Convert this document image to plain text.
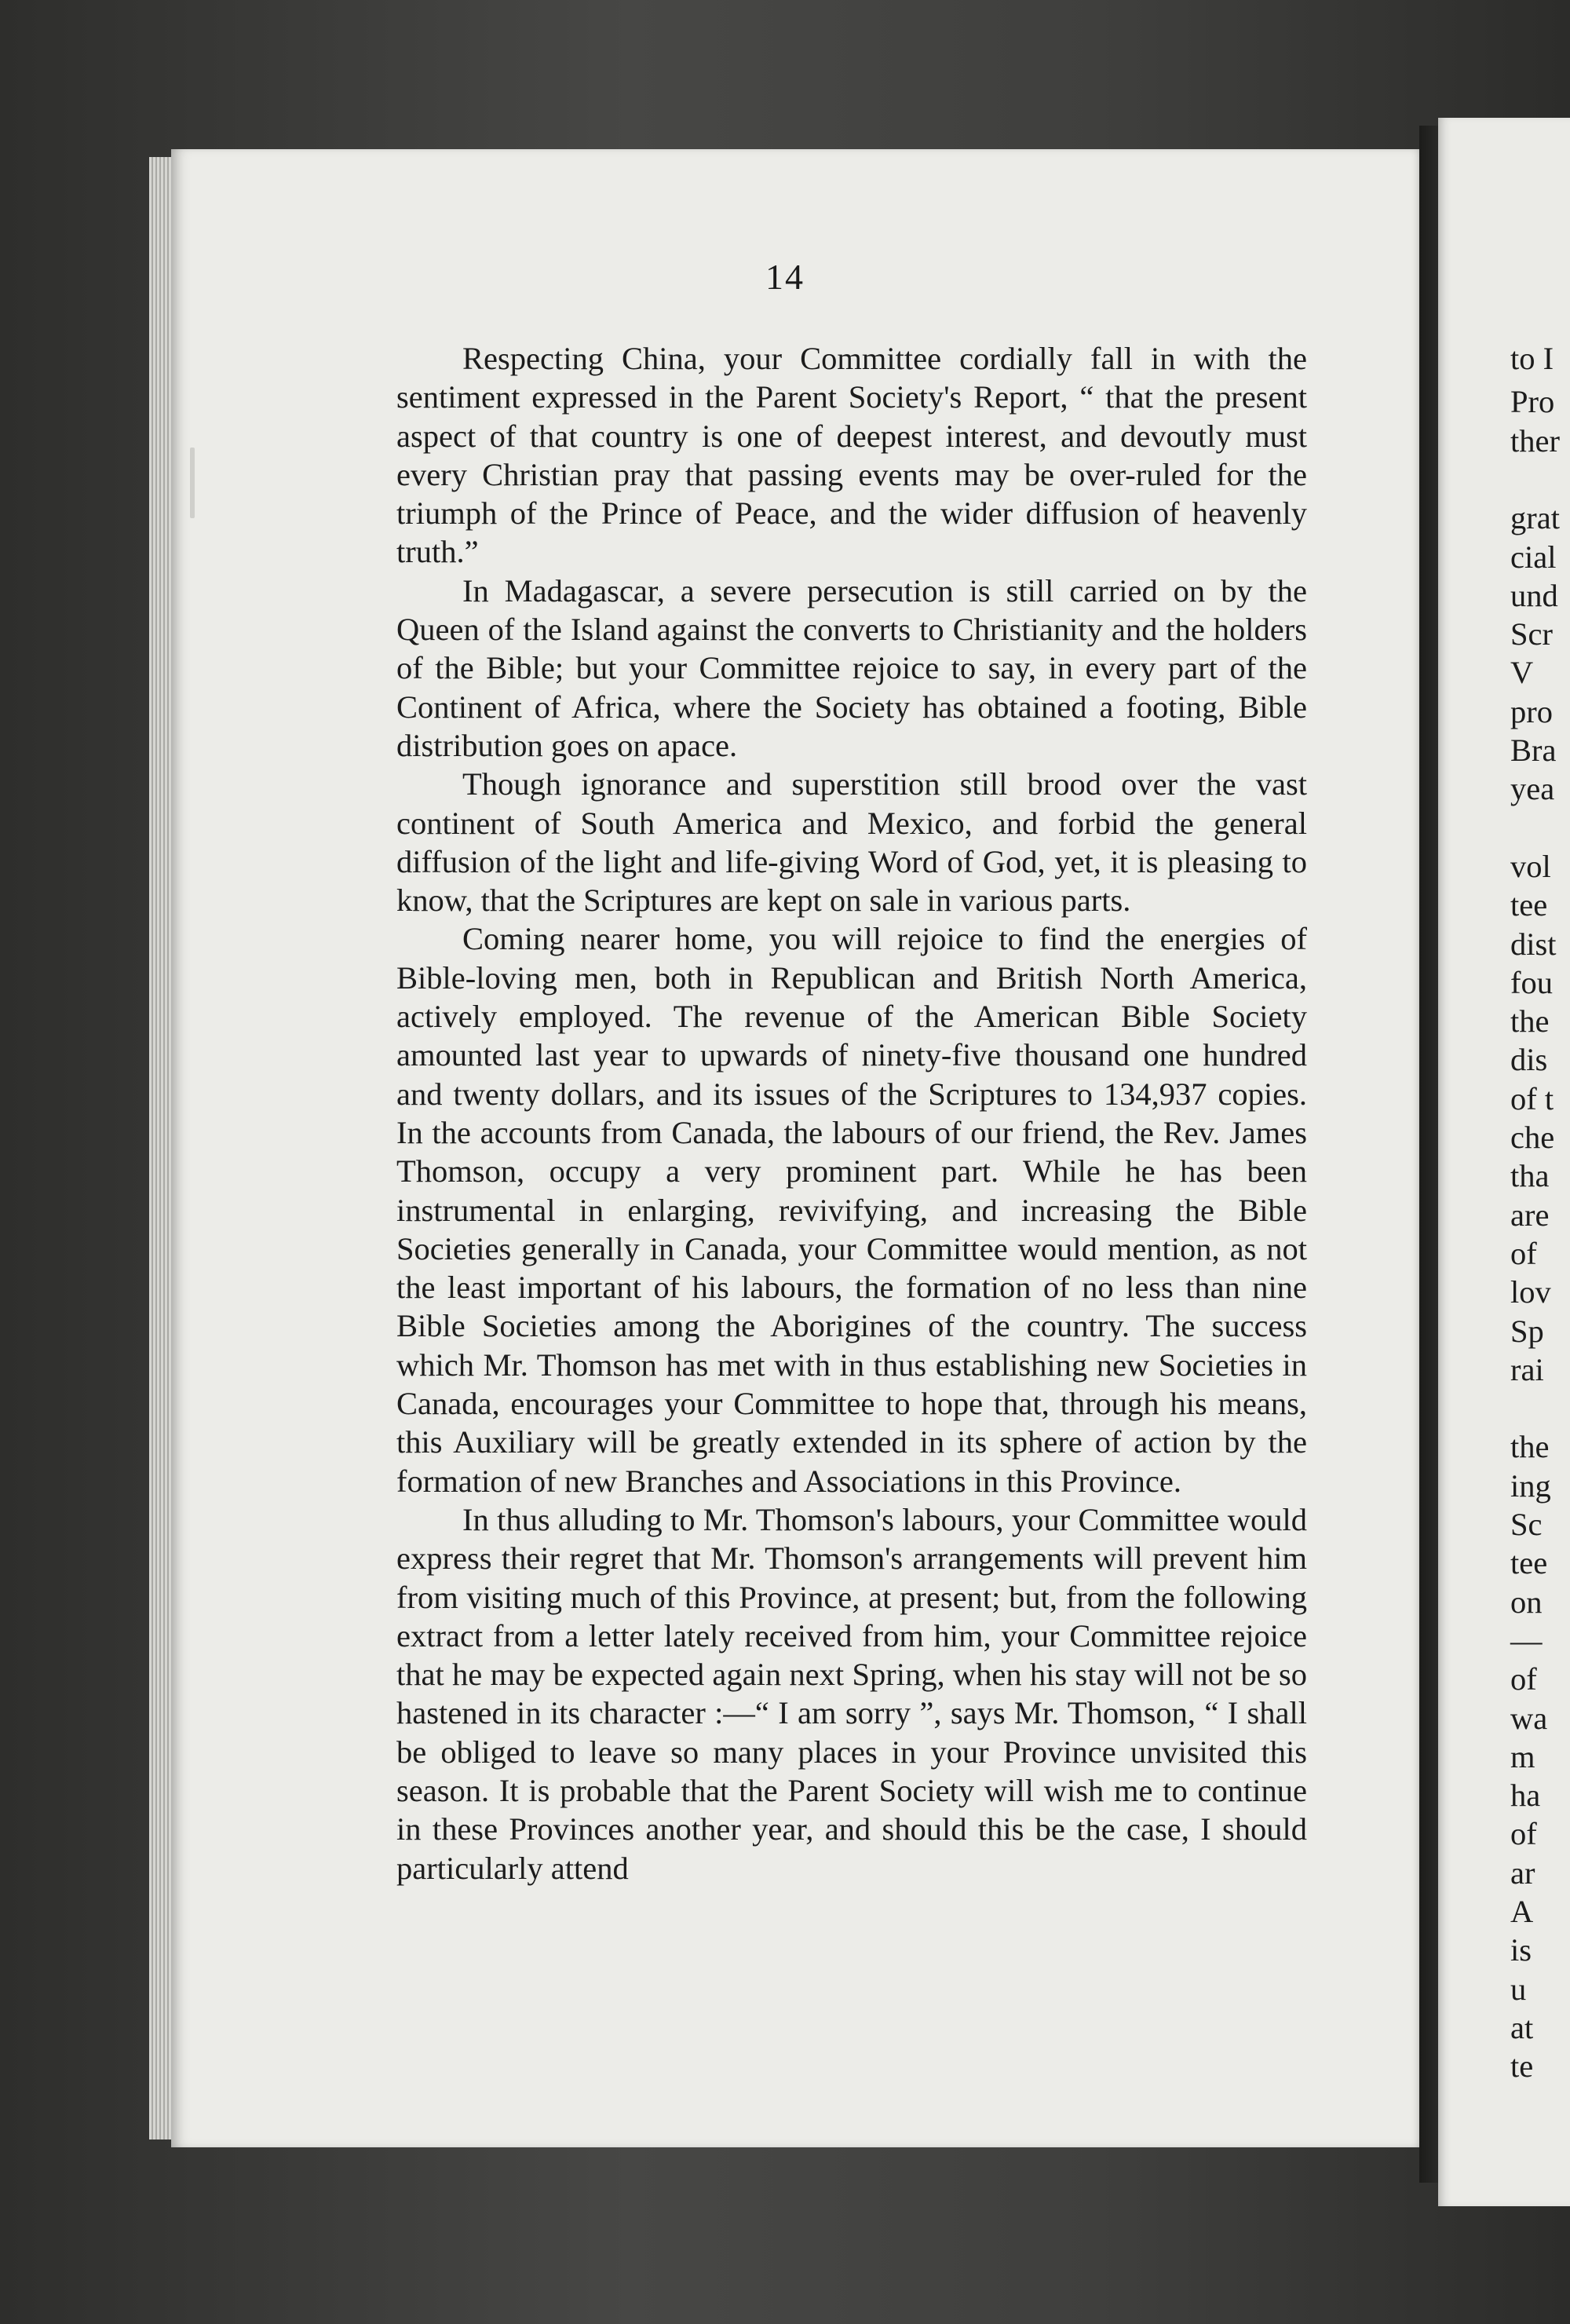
14

Respecting China, your Committee cordially fall in with the sentiment expressed in the Parent Society's Report, “ that the present aspect of that country is one of deepest interest, and devoutly must every Christian pray that passing events may be over-ruled for the triumph of the Prince of Peace, and the wider diffusion of heavenly truth.”

In Madagascar, a severe persecution is still carried on by the Queen of the Island against the converts to Christianity and the holders of the Bible; but your Committee rejoice to say, in every part of the Continent of Africa, where the Society has obtained a footing, Bible distribution goes on apace.

Though ignorance and superstition still brood over the vast continent of South America and Mexico, and forbid the general diffusion of the light and life-giving Word of God, yet, it is pleasing to know, that the Scriptures are kept on sale in various parts.

Coming nearer home, you will rejoice to find the energies of Bible-loving men, both in Republican and British North America, actively employed. The revenue of the American Bible Society amounted last year to upwards of ninety-five thousand one hundred and twenty dollars, and its issues of the Scriptures to 134,937 copies. In the accounts from Canada, the labours of our friend, the Rev. James Thomson, occupy a very prominent part. While he has been instrumental in enlarging, revivifying, and increasing the Bible Societies generally in Canada, your Committee would mention, as not the least important of his labours, the formation of no less than nine Bible Societies among the Aborigines of the country. The success which Mr. Thomson has met with in thus establishing new Societies in Canada, encourages your Committee to hope that, through his means, this Auxiliary will be greatly extended in its sphere of action by the formation of new Branches and Associations in this Province.

In thus alluding to Mr. Thomson's labours, your Committee would express their regret that Mr. Thomson's arrangements will prevent him from visiting much of this Province, at present; but, from the following extract from a letter lately received from him, your Committee rejoice that he may be expected again next Spring, when his stay will not be so hastened in its character :—“ I am sorry ”, says Mr. Thomson, “ I shall be obliged to leave so many places in your Province unvisited this season. It is probable that the Parent Society will wish me to continue in these Provinces another year, and should this be the case, I should particularly attend

to I
Pro
ther
grat
cial
und
Scr
V
pro
Bra
yea
vol
tee
dist
fou
the
dis
of t
che
tha
are
of
lov
Sp
rai
the
ing
Sc
tee
on
—
of
wa
m
ha
of
ar
A
is
u
at
te
